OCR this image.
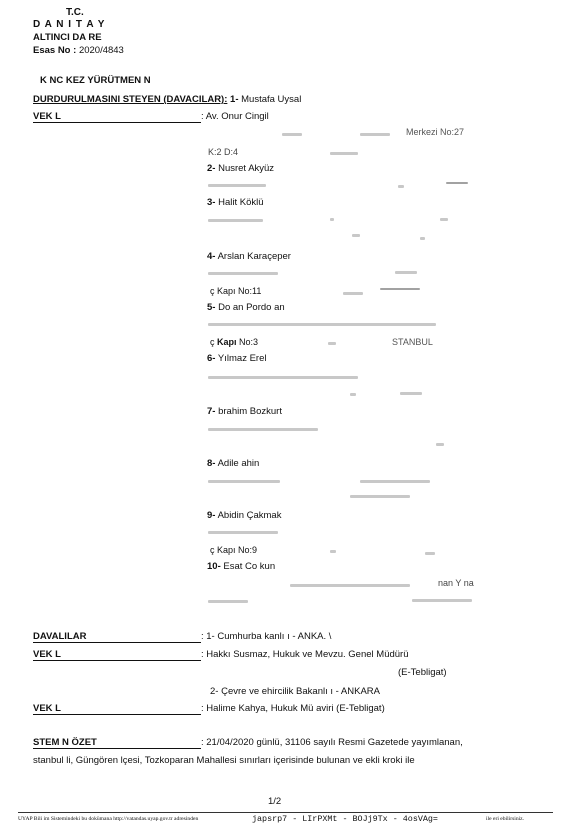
T.C.
D A N I T A Y
ALTINCI DA RE
Esas No : 2020/4843
K NC KEZ YÜRÜTMEN N
DURDURULMASINI STEYEN (DAVACILAR): 1- Mustafa Uysal
VEK L	: Av. Onur Cingil
Merkezi No:27
K:2 D:4
2- Nusret Akyüz
3- Halit Köklü
4- Arslan Karaçeper
ç Kapı No:11
5- Do an Pordo an
ç Kapı No:3	STANBUL
6- Yılmaz Erel
7- brahim Bozkurt
8- Adile ahin
9- Abidin Çakmak
ç Kapı No:9
10- Esat Co kun
nan Y na
DAVALILAR	: 1- Cumhurba kanlı ı - ANKA. \
VEK L	: Hakkı Susmaz, Hukuk ve Mevzu. Genel Müdürü
(E-Tebligat)
2- Çevre ve ehircilik Bakanlı ı - ANKARA
VEK L	: Halime Kahya, Hukuk Mü aviri (E-Tebligat)
STEM N ÖZET	: 21/04/2020 günlü, 31106 sayılı Resmi Gazetede yayımlanan,
stanbul li, Güngören lçesi, Tozkoparan Mahallesi sınırları içerisinde bulunan ve ekli kroki ile
1/2
UYAP Bili im Sistemindeki bu dokümana http://vatandas.uyap.gov.tr adresinden	japsrp7 - LIrPXMt - BOJj9Tx - 4osVAg=	ile eri ebilirsiniz.
